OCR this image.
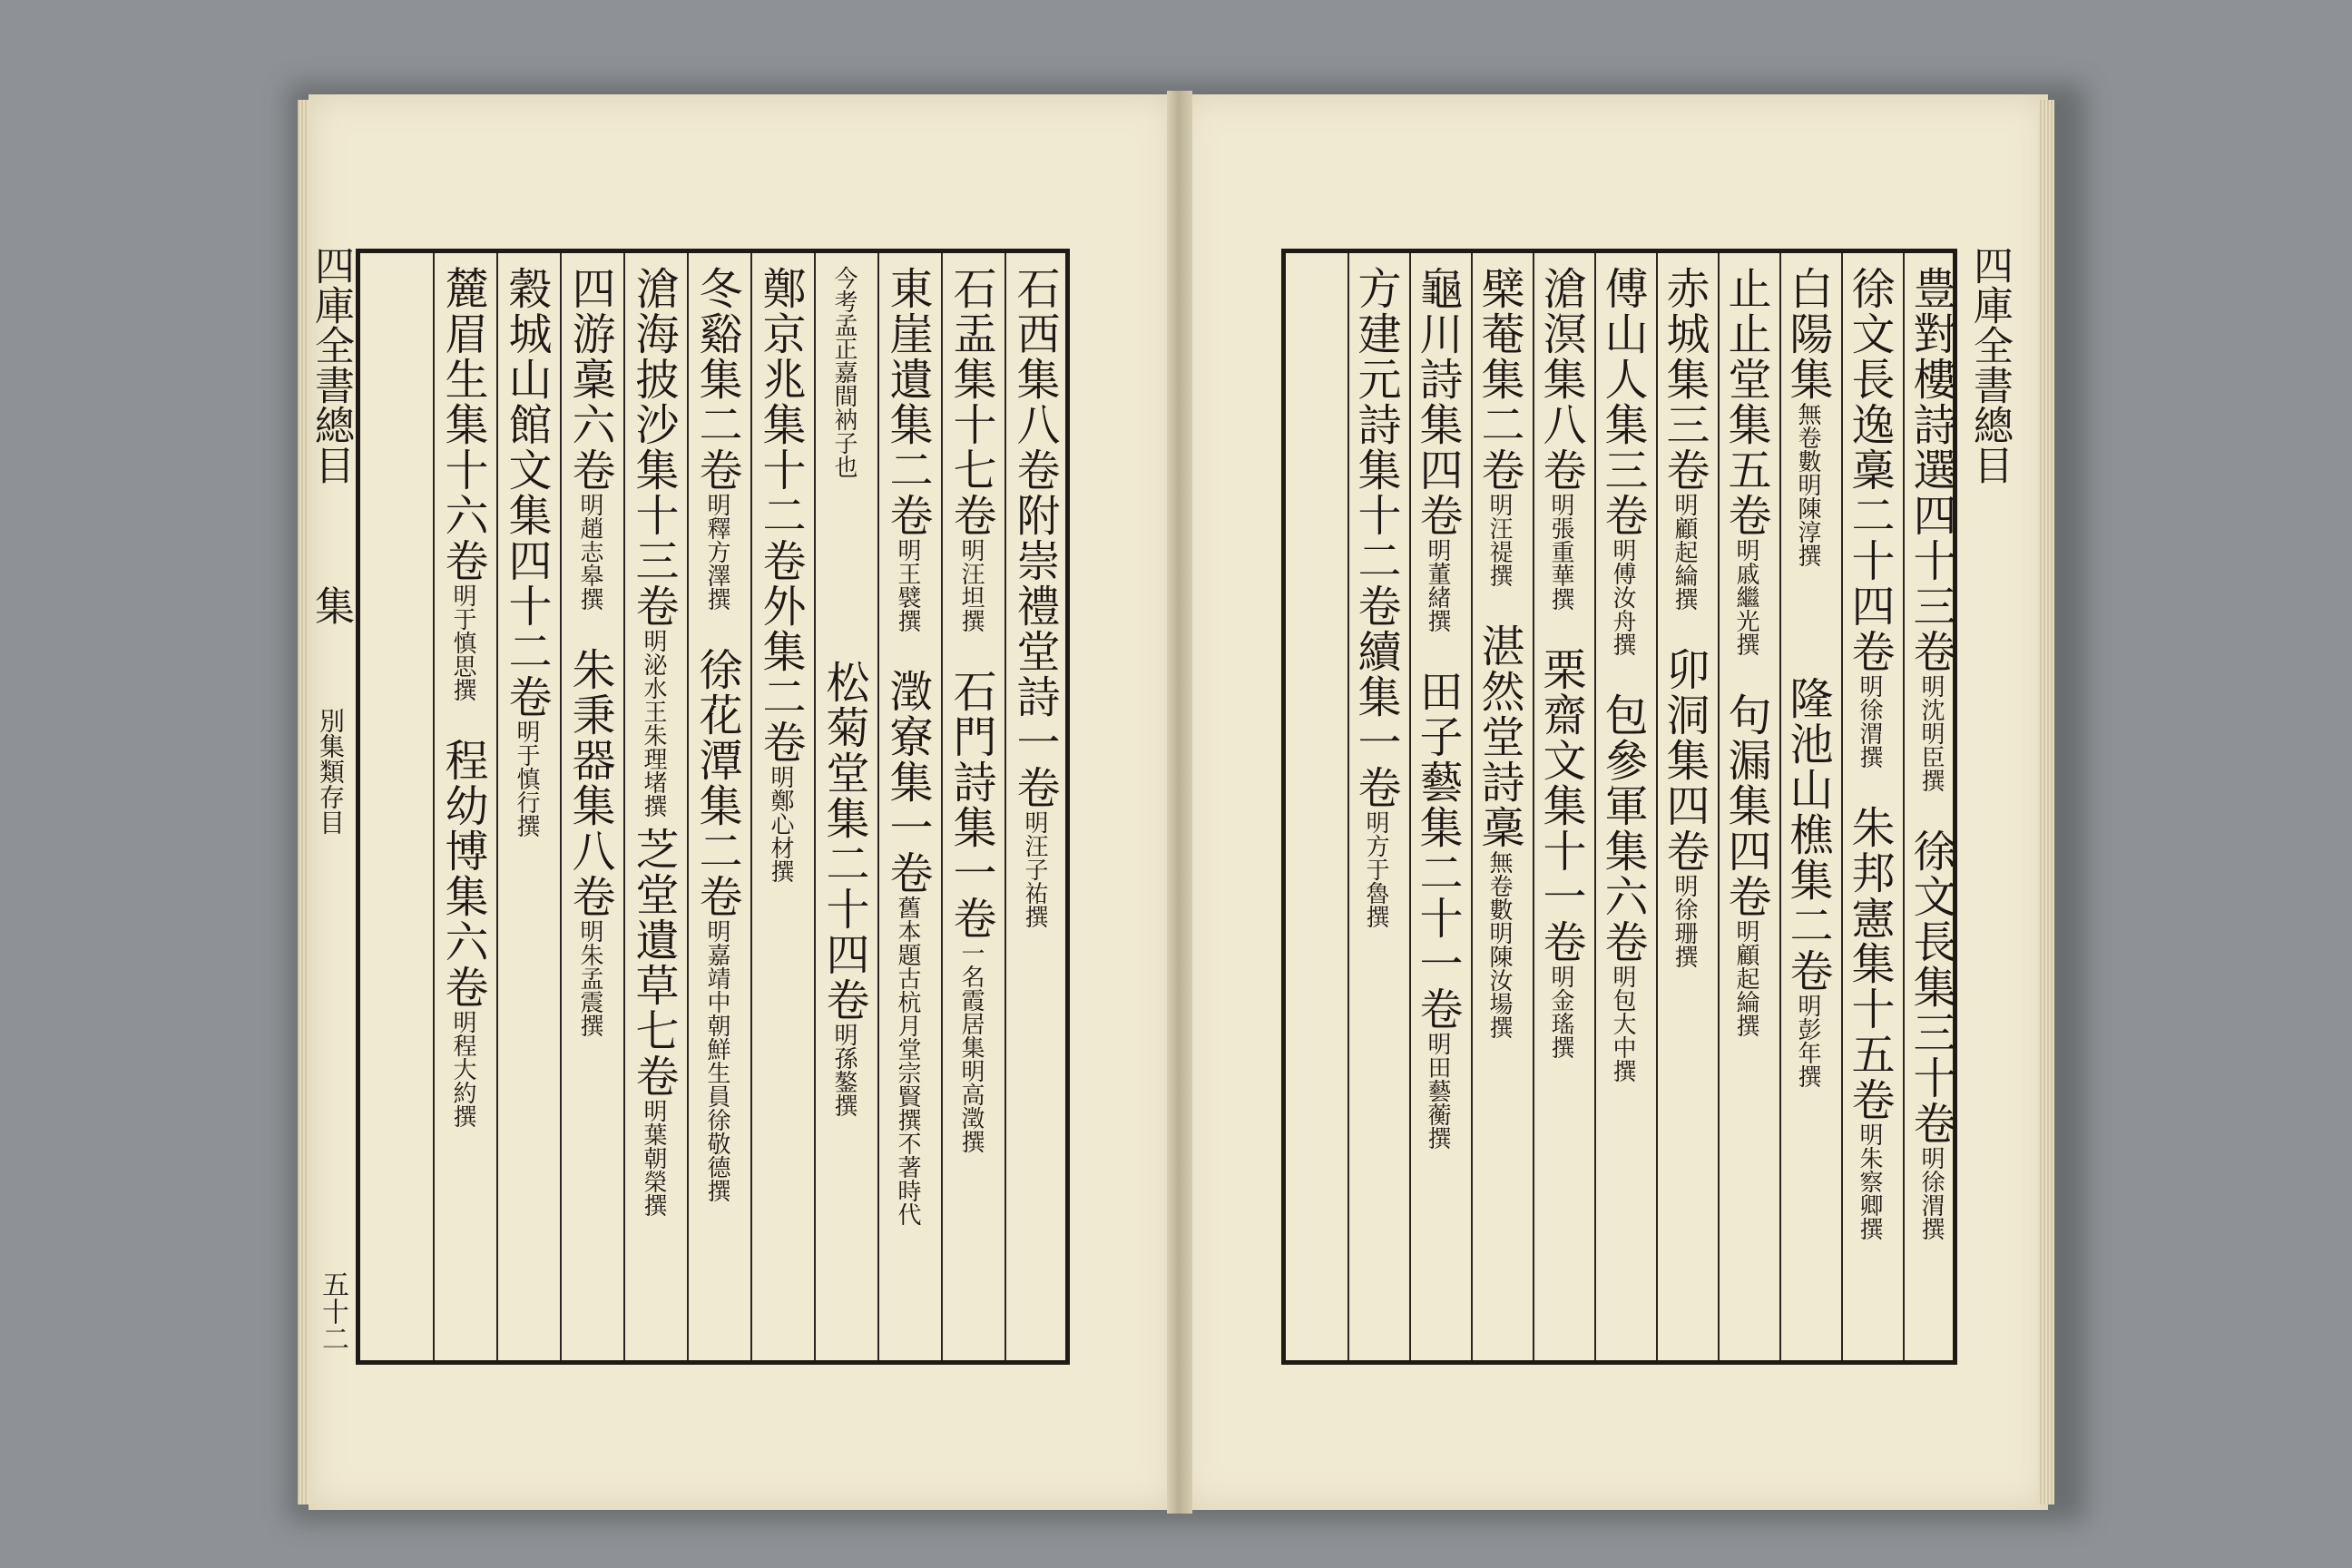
四庫全書總目 集 別集類存目
五十二
石西集八卷附崇禮堂詩一卷明汪子祐撰
石盂集十七卷明汪坦撰石門詩集一卷一名霞居集明高澂撰
東崖遺集二卷明王襞撰澂寮集一卷舊本題古杭月堂宗賢撰不著時代
今考孟正嘉間衲子也松菊堂集二十四卷明孫鏊撰
鄭京兆集十二卷外集二卷明鄭心材撰
冬谿集二卷明釋方澤撰徐花潭集二卷明嘉靖中朝鮮生員徐敬德撰
滄海披沙集十三卷明泌水王朱理堵撰芝堂遺草七卷明葉朝榮撰
四游稾六卷明趙志皋撰朱秉器集八卷明朱孟震撰
穀城山館文集四十二卷明于慎行撰
麓眉生集十六卷明于慎思撰程幼博集六卷明程大約撰
四庫全書總目
豊對樓詩選四十三卷明沈明臣撰徐文長集三十卷明徐渭撰
徐文長逸稾二十四卷明徐渭撰朱邦憲集十五卷明朱察卿撰
白陽集無卷數明陳淳撰隆池山樵集二卷明彭年撰
止止堂集五卷明戚繼光撰句漏集四卷明顧起綸撰
赤城集三卷明顧起綸撰卯洞集四卷明徐珊撰
傅山人集三卷明傅汝舟撰包參軍集六卷明包大中撰
滄溟集八卷明張重華撰栗齋文集十一卷明金瑤撰
檗菴集二卷明汪禔撰湛然堂詩稾無卷數明陳汝場撰
龜川詩集四卷明董緒撰田子藝集二十一卷明田藝蘅撰
方建元詩集十二卷續集一卷明方于魯撰
